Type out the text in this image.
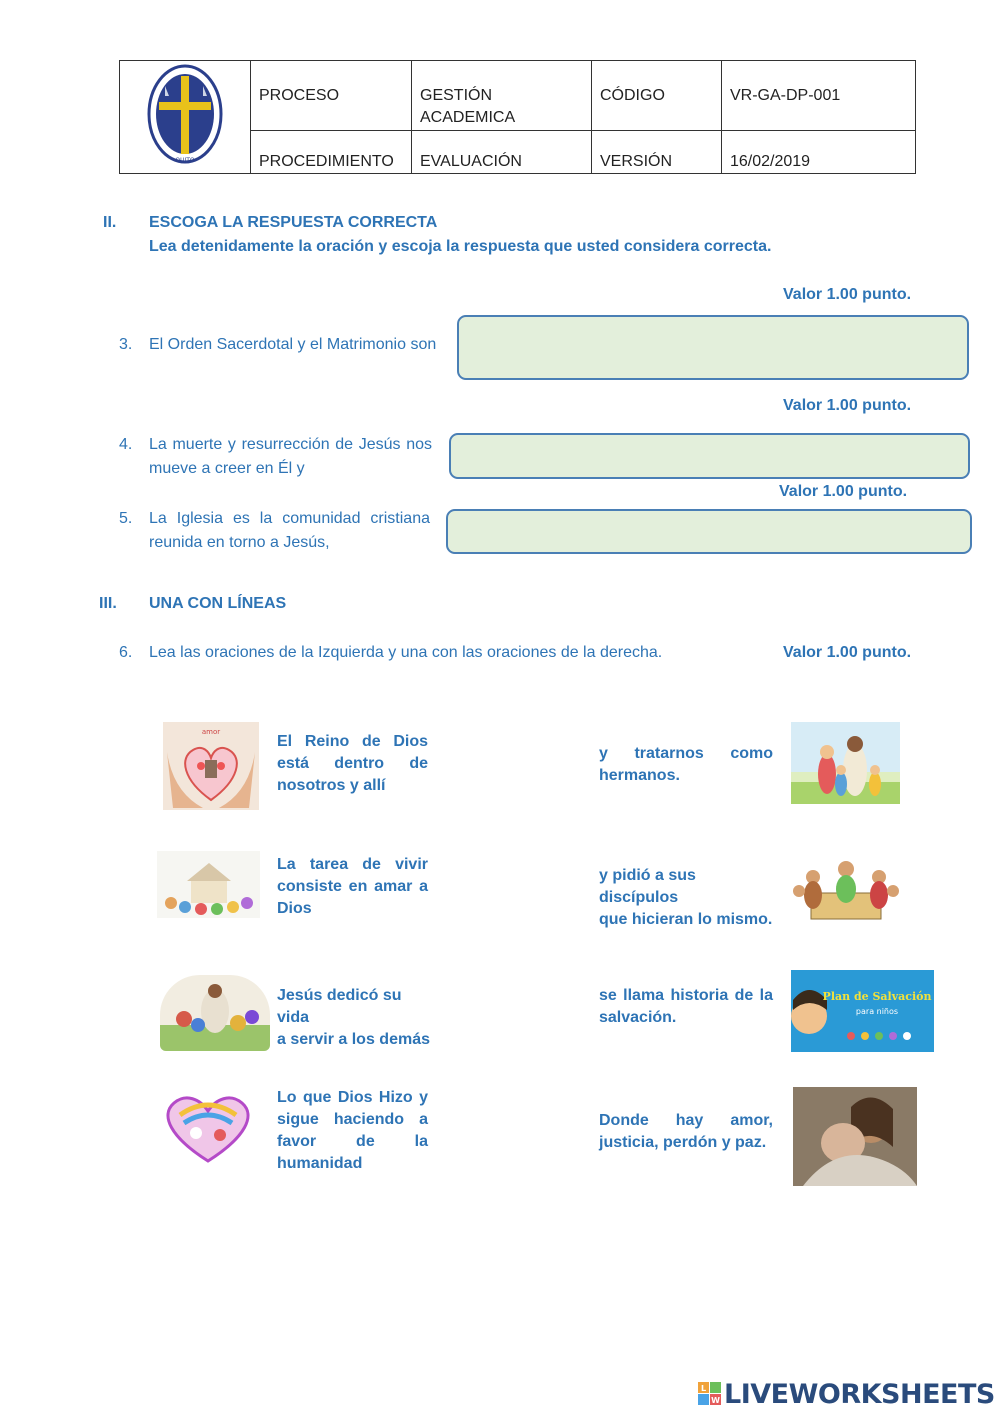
QUITO	PROCESO	GESTIÓN ACADEMICA	CÓDIGO	VR-GA-DP-001
	PROCEDIMIENTO	EVALUACIÓN	VERSIÓN	16/02/2019
II. ESCOGA LA RESPUESTA CORRECTA
Lea detenidamente la oración y escoja la respuesta que usted considera correcta.
Valor 1.00 punto.
3. El Orden Sacerdotal y el Matrimonio son
Valor 1.00 punto.
4. La muerte y resurrección de Jesús nos
mueve a creer en Él y
Valor 1.00 punto.
5. La Iglesia es la comunidad cristiana
reunida en torno a Jesús,
III. UNA CON LÍNEAS
6. Lea las oraciones de la Izquierda y una con las oraciones de la derecha.	Valor 1.00 punto.
amor
El Reino de Dios
está dentro de
nosotros y allí
La tarea de vivir
consiste en amar a
Dios
Jesús dedicó su vida
a servir a los demás
Lo que Dios Hizo y
sigue haciendo a
favor de la
humanidad
y tratarnos como
hermanos.
y pidió a sus discípulos
que hicieran lo mismo.
se llama historia de la
salvación.
Donde hay amor,
justicia, perdón y paz.
Plan de Salvación
para niños
L
W LIVEWORKSHEETS
